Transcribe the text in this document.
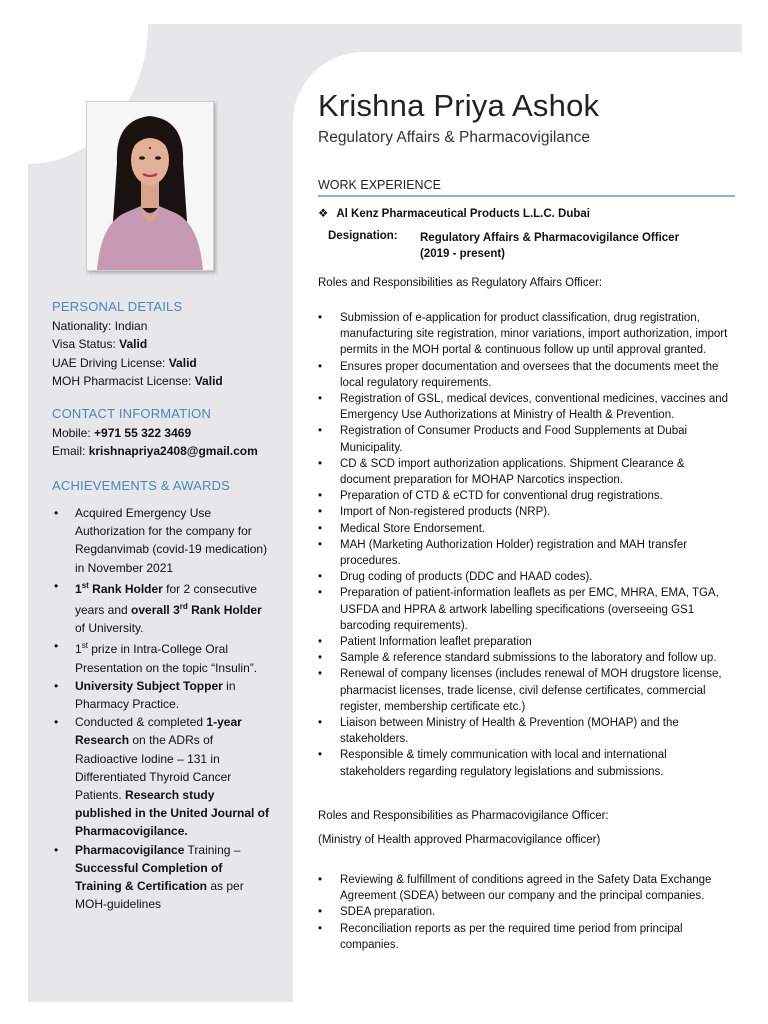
PERSONAL DETAILS
Nationality: Indian
Visa Status: Valid
UAE Driving License: Valid
MOH Pharmacist License: Valid
CONTACT INFORMATION
Mobile: +971 55 322 3469
Email: krishnapriya2408@gmail.com
ACHIEVEMENTS & AWARDS
• Acquired Emergency Use Authorization for the company for Regdanvimab (covid-19 medication) in November 2021
• 1st Rank Holder for 2 consecutive years and overall 3rd Rank Holder of University.
• 1st prize in Intra-College Oral Presentation on the topic “Insulin”.
• University Subject Topper in Pharmacy Practice.
• Conducted & completed 1-year Research on the ADRs of Radioactive Iodine – 131 in Differentiated Thyroid Cancer Patients. Research study published in the United Journal of Pharmacovigilance.
• Pharmacovigilance Training – Successful Completion of Training & Certification as per MOH-guidelines
Krishna Priya Ashok
Regulatory Affairs & Pharmacovigilance
WORK EXPERIENCE
❖ Al Kenz Pharmaceutical Products L.L.C. Dubai
Designation: Regulatory Affairs & Pharmacovigilance Officer
(2019 - present)
Roles and Responsibilities as Regulatory Affairs Officer:
• Submission of e-application for product classification, drug registration, manufacturing site registration, minor variations, import authorization, import permits in the MOH portal & continuous follow up until approval granted.
• Ensures proper documentation and oversees that the documents meet the local regulatory requirements.
• Registration of GSL, medical devices, conventional medicines, vaccines and Emergency Use Authorizations at Ministry of Health & Prevention.
• Registration of Consumer Products and Food Supplements at Dubai Municipality.
• CD & SCD import authorization applications. Shipment Clearance & document preparation for MOHAP Narcotics inspection.
• Preparation of CTD & eCTD for conventional drug registrations.
• Import of Non-registered products (NRP).
• Medical Store Endorsement.
• MAH (Marketing Authorization Holder) registration and MAH transfer procedures.
• Drug coding of products (DDC and HAAD codes).
• Preparation of patient-information leaflets as per EMC, MHRA, EMA, TGA, USFDA and HPRA & artwork labelling specifications (overseeing GS1 barcoding requirements).
• Patient Information leaflet preparation
• Sample & reference standard submissions to the laboratory and follow up.
• Renewal of company licenses (includes renewal of MOH drugstore license, pharmacist licenses, trade license, civil defense certificates, commercial register, membership certificate etc.)
• Liaison between Ministry of Health & Prevention (MOHAP) and the stakeholders.
• Responsible & timely communication with local and international stakeholders regarding regulatory legislations and submissions.
Roles and Responsibilities as Pharmacovigilance Officer:
(Ministry of Health approved Pharmacovigilance officer)
• Reviewing & fulfillment of conditions agreed in the Safety Data Exchange Agreement (SDEA) between our company and the principal companies.
• SDEA preparation.
• Reconciliation reports as per the required time period from principal companies.
